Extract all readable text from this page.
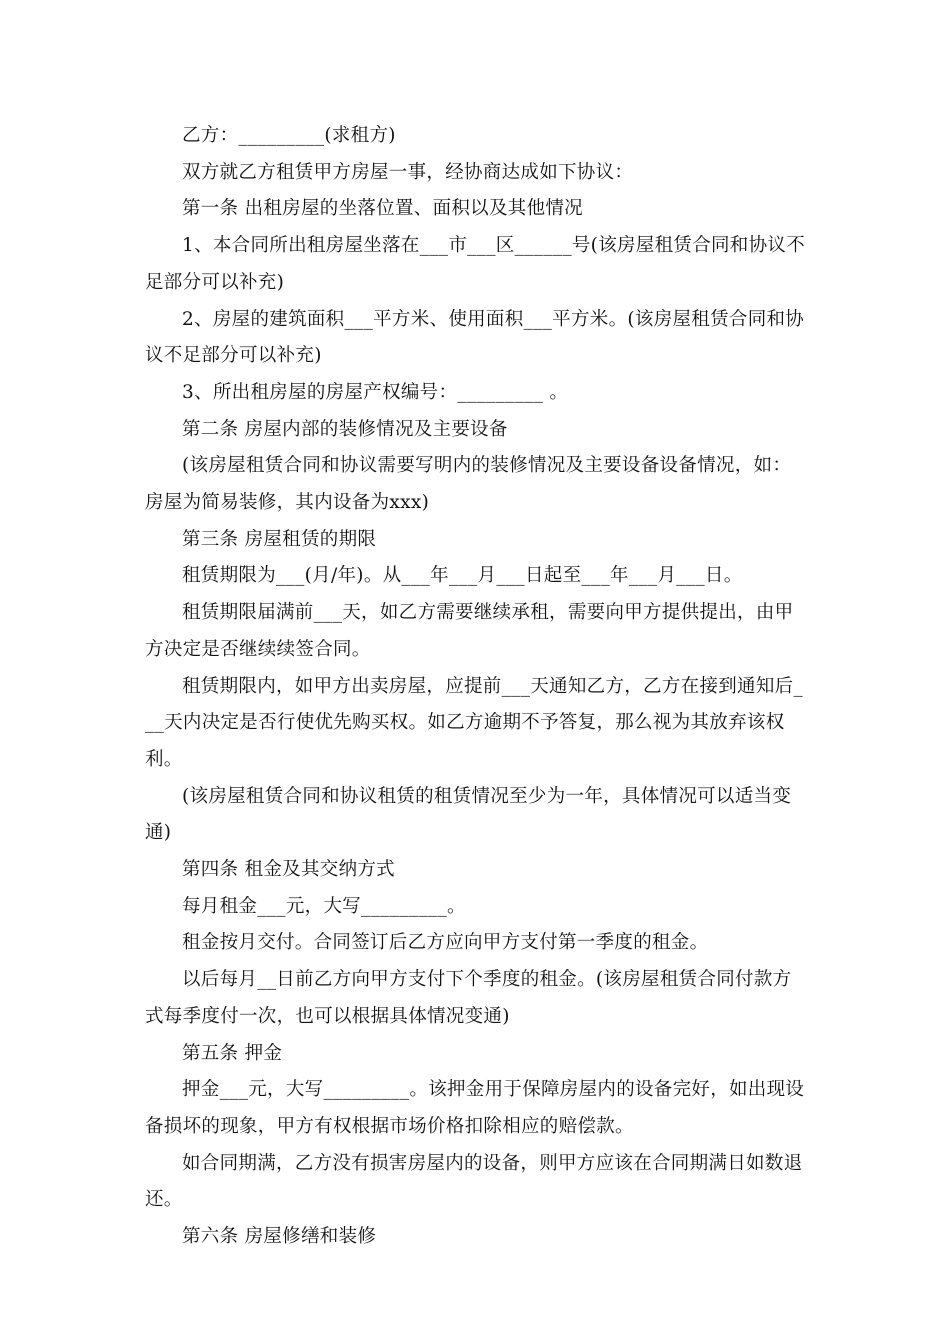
乙方：_________(求租方)

双方就乙方租赁甲方房屋一事，经协商达成如下协议：

第一条 出租房屋的坐落位置、面积以及其他情况

1、本合同所出租房屋坐落在___市___区______号(该房屋租赁合同和协议不足部分可以补充)

2、房屋的建筑面积___平方米、使用面积___平方米。(该房屋租赁合同和协议不足部分可以补充)

3、所出租房屋的房屋产权编号：_________ 。

第二条 房屋内部的装修情况及主要设备

(该房屋租赁合同和协议需要写明内的装修情况及主要设备设备情况，如：房屋为简易装修，其内设备为xxx)

第三条 房屋租赁的期限

租赁期限为___(月/年)。从___年___月___日起至___年___月___日。

租赁期限届满前___天，如乙方需要继续承租，需要向甲方提供提出，由甲方决定是否继续续签合同。

租赁期限内，如甲方出卖房屋，应提前___天通知乙方，乙方在接到通知后___天内决定是否行使优先购买权。如乙方逾期不予答复，那么视为其放弃该权利。

(该房屋租赁合同和协议租赁的租赁情况至少为一年，具体情况可以适当变通)

第四条 租金及其交纳方式

每月租金___元，大写_________。

租金按月交付。合同签订后乙方应向甲方支付第一季度的租金。

以后每月__日前乙方向甲方支付下个季度的租金。(该房屋租赁合同付款方式每季度付一次，也可以根据具体情况变通)

第五条 押金

押金___元，大写_________。该押金用于保障房屋内的设备完好，如出现设备损坏的现象，甲方有权根据市场价格扣除相应的赔偿款。

如合同期满，乙方没有损害房屋内的设备，则甲方应该在合同期满日如数退还。

第六条 房屋修缮和装修
